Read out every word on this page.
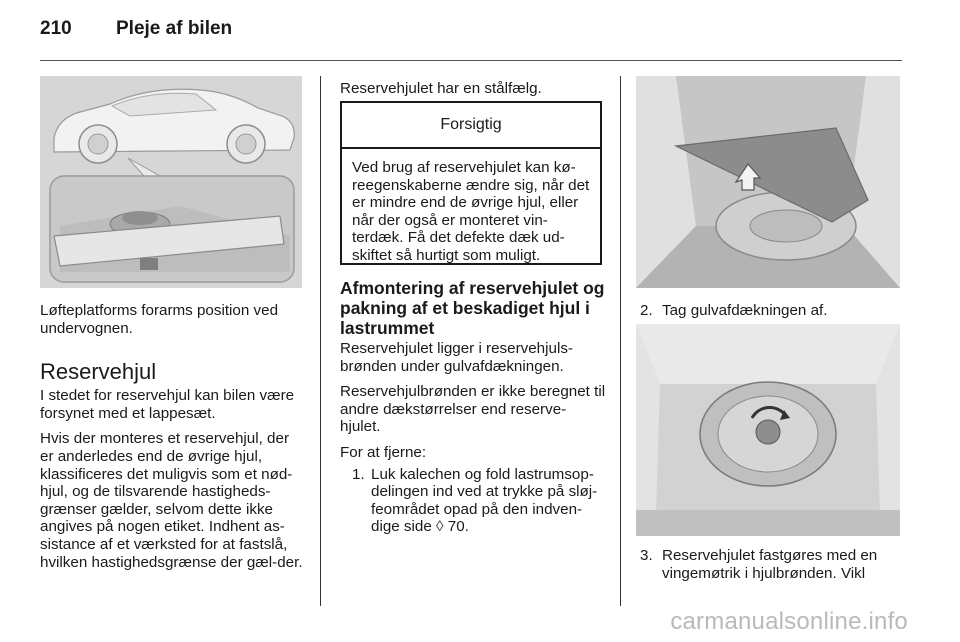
210 Pleje af bilen

Løfteplatforms forarms position ved undervognen.

Reservehjul

I stedet for reservehjul kan bilen være forsynet med et lappesæt.

Hvis der monteres et reservehjul, der er anderledes end de øvrige hjul, klassificeres det muligvis som et nød-hjul, og de tilsvarende hastigheds-grænser gælder, selvom dette ikke angives på nogen etiket. Indhent as-sistance af et værksted for at fastslå, hvilken hastighedsgrænse der gæl-der.

Reservehjulet har en stålfælg.

Forsigtig
Ved brug af reservehjulet kan kø-reegenskaberne ændre sig, når det er mindre end de øvrige hjul, eller når der også er monteret vin-terdæk. Få det defekte dæk ud-skiftet så hurtigt som muligt.
Afmontering af reservehjulet og pakning af et beskadiget hjul i lastrummet

Reservehjulet ligger i reservehjuls-brønden under gulvafdækningen.

Reservehjulbrønden er ikke beregnet til andre dækstørrelser end reserve-hjulet.

For at fjerne:

1. Luk kalechen og fold lastrumsop-delingen ind ved at trykke på sløj-feområdet opad på den indven-dige side ◊ 70.
2. Tag gulvafdækningen af.
3. Reservehjulet fastgøres med en vingemøtrik i hjulbrønden. Vikl
carmanualsonline.info
